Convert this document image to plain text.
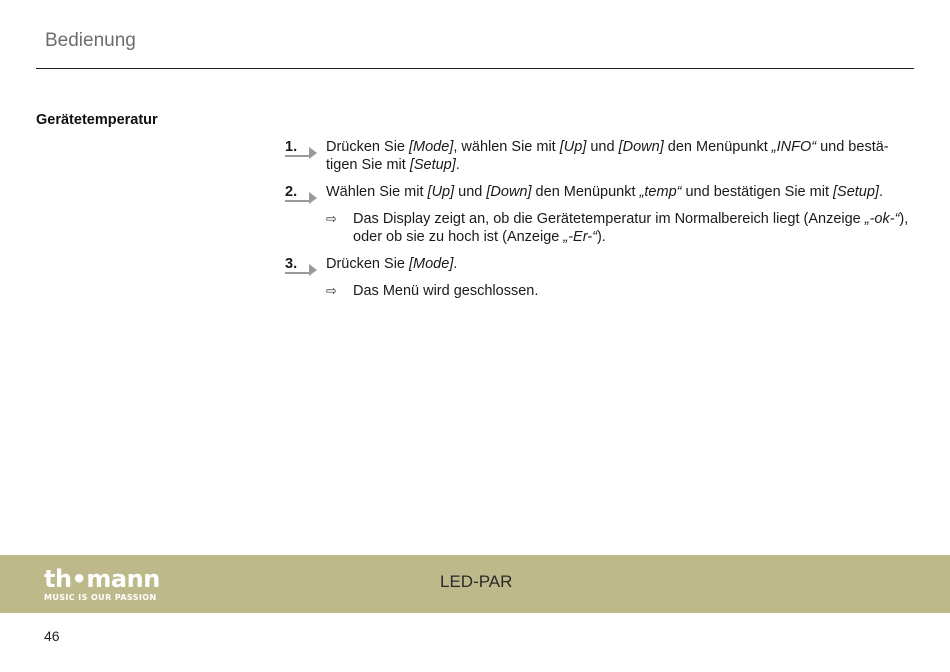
Bedienung
Gerätetemperatur
1. Drücken Sie [Mode], wählen Sie mit [Up] und [Down] den Menüpunkt „INFO“ und bestä-tigen Sie mit [Setup].
2. Wählen Sie mit [Up] und [Down] den Menüpunkt „temp“ und bestätigen Sie mit [Setup].
⇨ Das Display zeigt an, ob die Gerätetemperatur im Normalbereich liegt (Anzeige „-ok-“), oder ob sie zu hoch ist (Anzeige „-Er-“).
3. Drücken Sie [Mode].
⇨ Das Menü wird geschlossen.
th•mann
MUSIC IS OUR PASSION
LED-PAR
46
